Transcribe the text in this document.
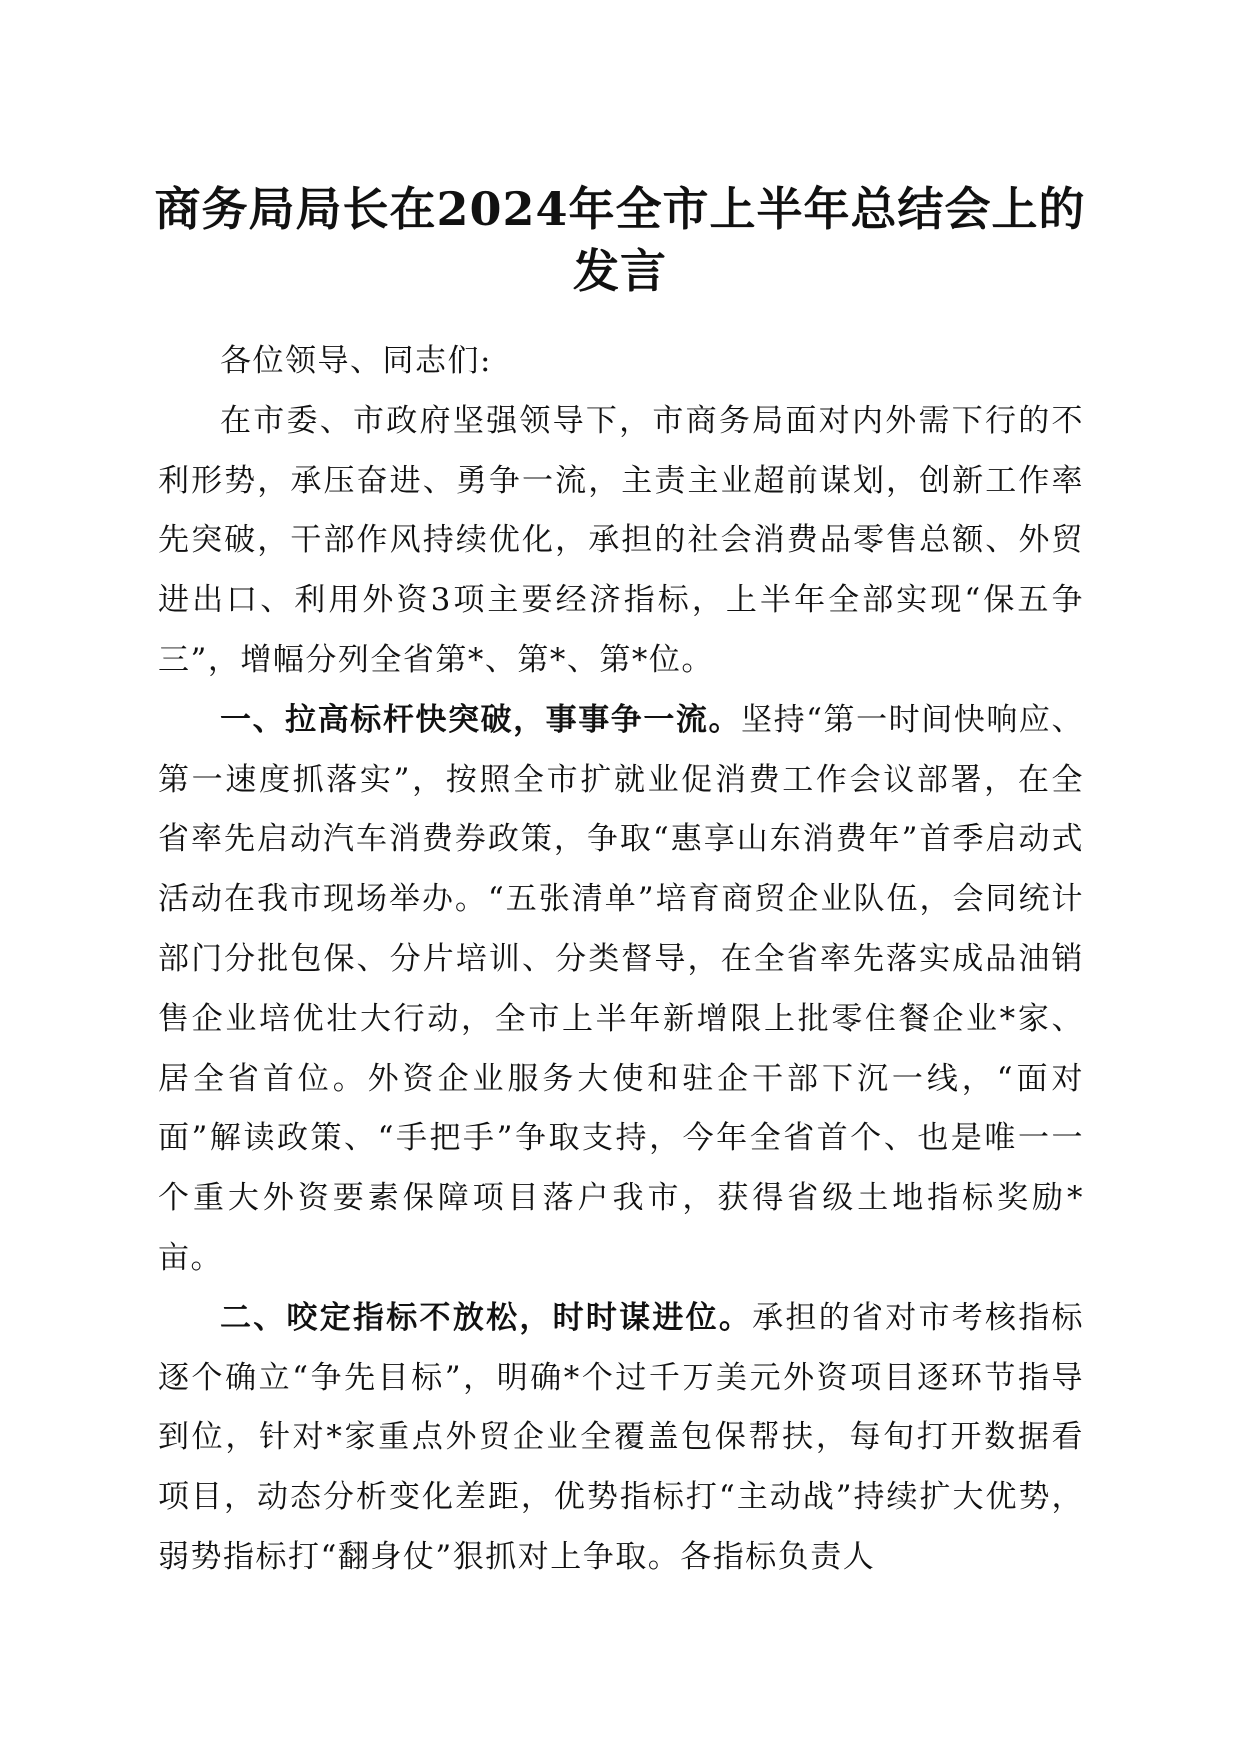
商务局局长在2024年全市上半年总结会上的发言

各位领导、同志们:

在市委、市政府坚强领导下，市商务局面对内外需下行的不利形势，承压奋进、勇争一流，主责主业超前谋划，创新工作率先突破，干部作风持续优化，承担的社会消费品零售总额、外贸进出口、利用外资3项主要经济指标，上半年全部实现“保五争三”，增幅分列全省第*、第*、第*位。

一、拉高标杆快突破，事事争一流。坚持“第一时间快响应、第一速度抓落实”，按照全市扩就业促消费工作会议部署，在全省率先启动汽车消费券政策，争取“惠享山东消费年”首季启动式活动在我市现场举办。“五张清单”培育商贸企业队伍，会同统计部门分批包保、分片培训、分类督导，在全省率先落实成品油销售企业培优壮大行动，全市上半年新增限上批零住餐企业*家、居全省首位。外资企业服务大使和驻企干部下沉一线，“面对面”解读政策、“手把手”争取支持，今年全省首个、也是唯一一个重大外资要素保障项目落户我市，获得省级土地指标奖励*亩。

二、咬定指标不放松，时时谋进位。承担的省对市考核指标逐个确立“争先目标”，明确*个过千万美元外资项目逐环节指导到位，针对*家重点外贸企业全覆盖包保帮扶，每旬打开数据看项目，动态分析变化差距，优势指标打“主动战”持续扩大优势，弱势指标打“翻身仗”狠抓对上争取。各指标负责人
